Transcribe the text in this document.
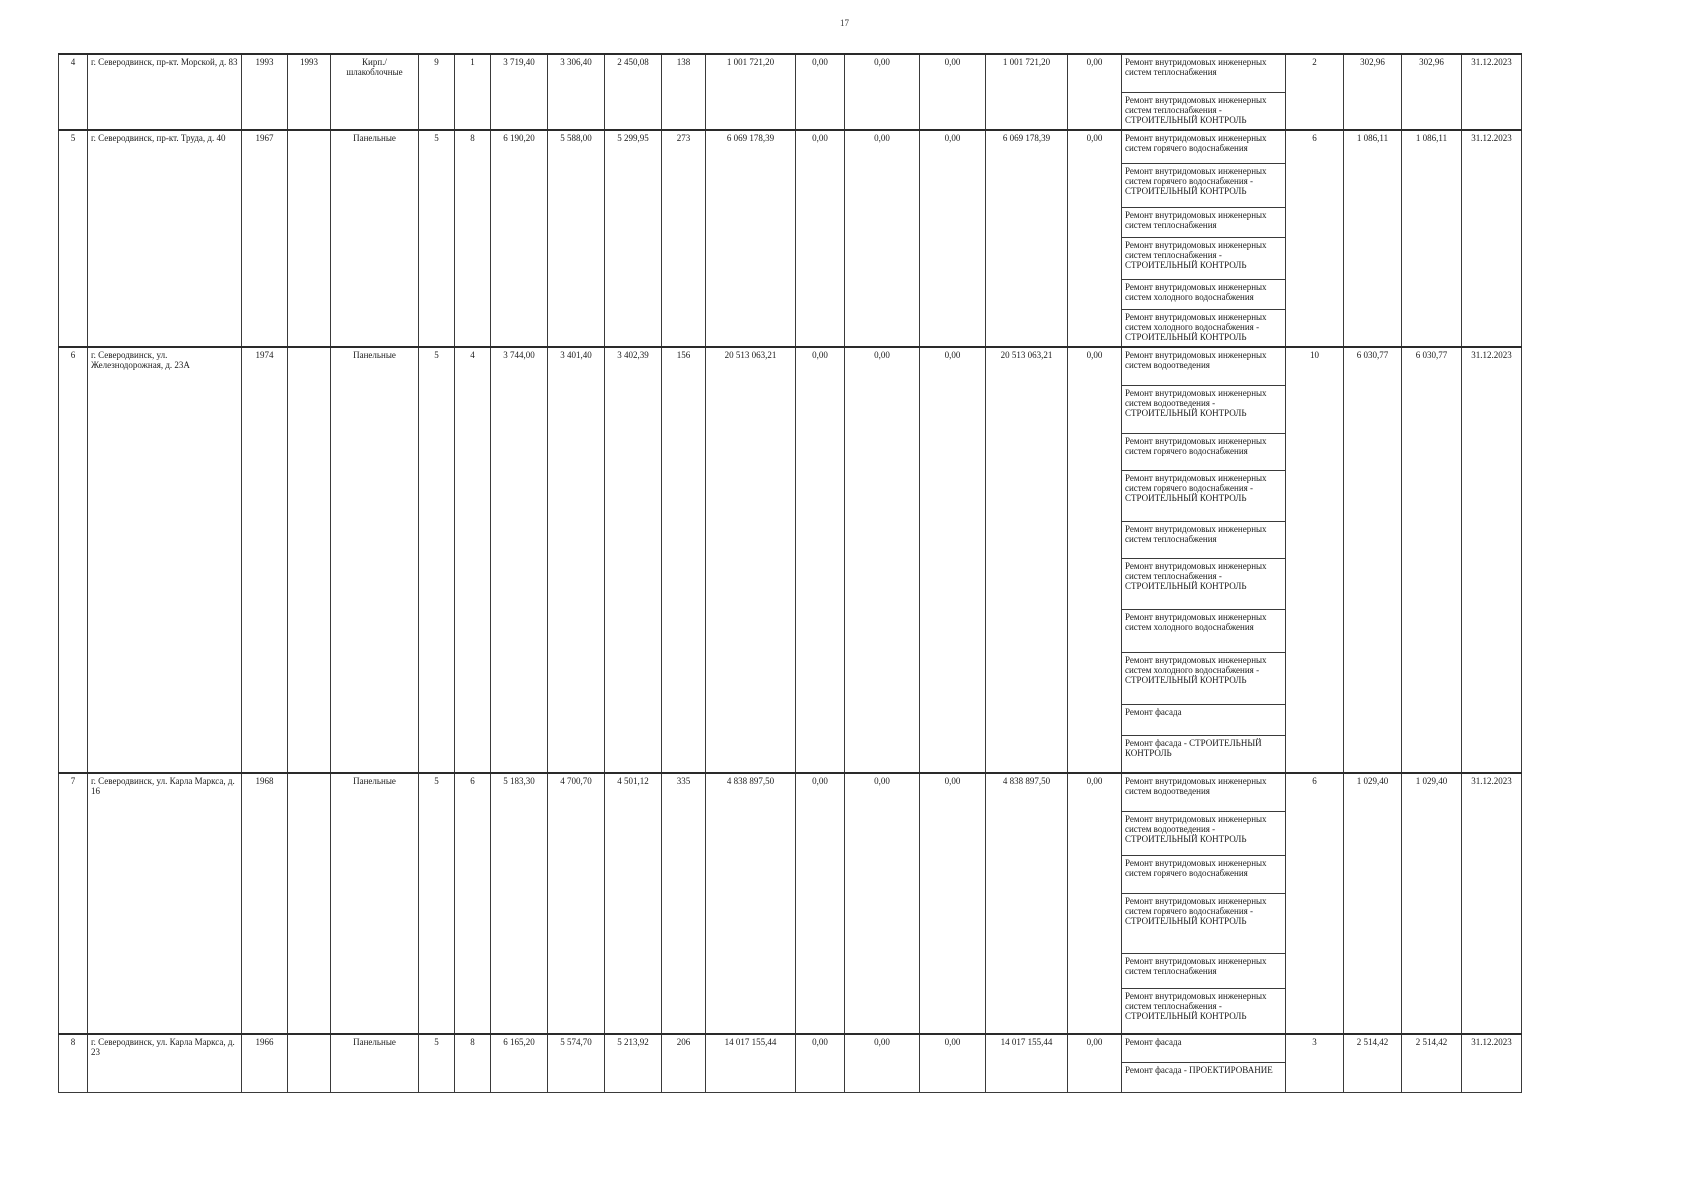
17
4	г. Северодвинск, пр-кт. Морской, д. 83	1993	1993	Кирп./ шлакоблочные	9	1	3 719,40	3 306,40	2 450,08	138	1 001 721,20	0,00	0,00	0,00	1 001 721,20	0,00	Ремонт внутридомовых инженерных систем теплоснабжения	2	302,96	302,96	31.12.2023
																	Ремонт внутридомовых инженерных систем теплоснабжения - СТРОИТЕЛЬНЫЙ КОНТРОЛЬ				
5	г. Северодвинск, пр-кт. Труда, д. 40	1967		Панельные	5	8	6 190,20	5 588,00	5 299,95	273	6 069 178,39	0,00	0,00	0,00	6 069 178,39	0,00	Ремонт внутридомовых инженерных систем горячего водоснабжения	6	1 086,11	1 086,11	31.12.2023
																	Ремонт внутридомовых инженерных систем горячего водоснабжения - СТРОИТЕЛЬНЫЙ КОНТРОЛЬ				
																	Ремонт внутридомовых инженерных систем теплоснабжения				
																	Ремонт внутридомовых инженерных систем теплоснабжения - СТРОИТЕЛЬНЫЙ КОНТРОЛЬ				
																	Ремонт внутридомовых инженерных систем холодного водоснабжения				
																	Ремонт внутридомовых инженерных систем холодного водоснабжения - СТРОИТЕЛЬНЫЙ КОНТРОЛЬ				
6	г. Северодвинск, ул. Железнодорожная, д. 23А	1974		Панельные	5	4	3 744,00	3 401,40	3 402,39	156	20 513 063,21	0,00	0,00	0,00	20 513 063,21	0,00	Ремонт внутридомовых инженерных систем водоотведения	10	6 030,77	6 030,77	31.12.2023
																	Ремонт внутридомовых инженерных систем водоотведения - СТРОИТЕЛЬНЫЙ КОНТРОЛЬ				
																	Ремонт внутридомовых инженерных систем горячего водоснабжения				
																	Ремонт внутридомовых инженерных систем горячего водоснабжения - СТРОИТЕЛЬНЫЙ КОНТРОЛЬ				
																	Ремонт внутридомовых инженерных систем теплоснабжения				
																	Ремонт внутридомовых инженерных систем теплоснабжения - СТРОИТЕЛЬНЫЙ КОНТРОЛЬ				
																	Ремонт внутридомовых инженерных систем холодного водоснабжения				
																	Ремонт внутридомовых инженерных систем холодного водоснабжения - СТРОИТЕЛЬНЫЙ КОНТРОЛЬ				
																	Ремонт фасада				
																	Ремонт фасада - СТРОИТЕЛЬНЫЙ КОНТРОЛЬ				
7	г. Северодвинск, ул. Карла Маркса, д. 16	1968		Панельные	5	6	5 183,30	4 700,70	4 501,12	335	4 838 897,50	0,00	0,00	0,00	4 838 897,50	0,00	Ремонт внутридомовых инженерных систем водоотведения	6	1 029,40	1 029,40	31.12.2023
																	Ремонт внутридомовых инженерных систем водоотведения - СТРОИТЕЛЬНЫЙ КОНТРОЛЬ				
																	Ремонт внутридомовых инженерных систем горячего водоснабжения				
																	Ремонт внутридомовых инженерных систем горячего водоснабжения - СТРОИТЕЛЬНЫЙ КОНТРОЛЬ				
																	Ремонт внутридомовых инженерных систем теплоснабжения				
																	Ремонт внутридомовых инженерных систем теплоснабжения - СТРОИТЕЛЬНЫЙ КОНТРОЛЬ				
8	г. Северодвинск, ул. Карла Маркса, д. 23	1966		Панельные	5	8	6 165,20	5 574,70	5 213,92	206	14 017 155,44	0,00	0,00	0,00	14 017 155,44	0,00	Ремонт фасада	3	2 514,42	2 514,42	31.12.2023
																	Ремонт фасада - ПРОЕКТИРОВАНИЕ				
